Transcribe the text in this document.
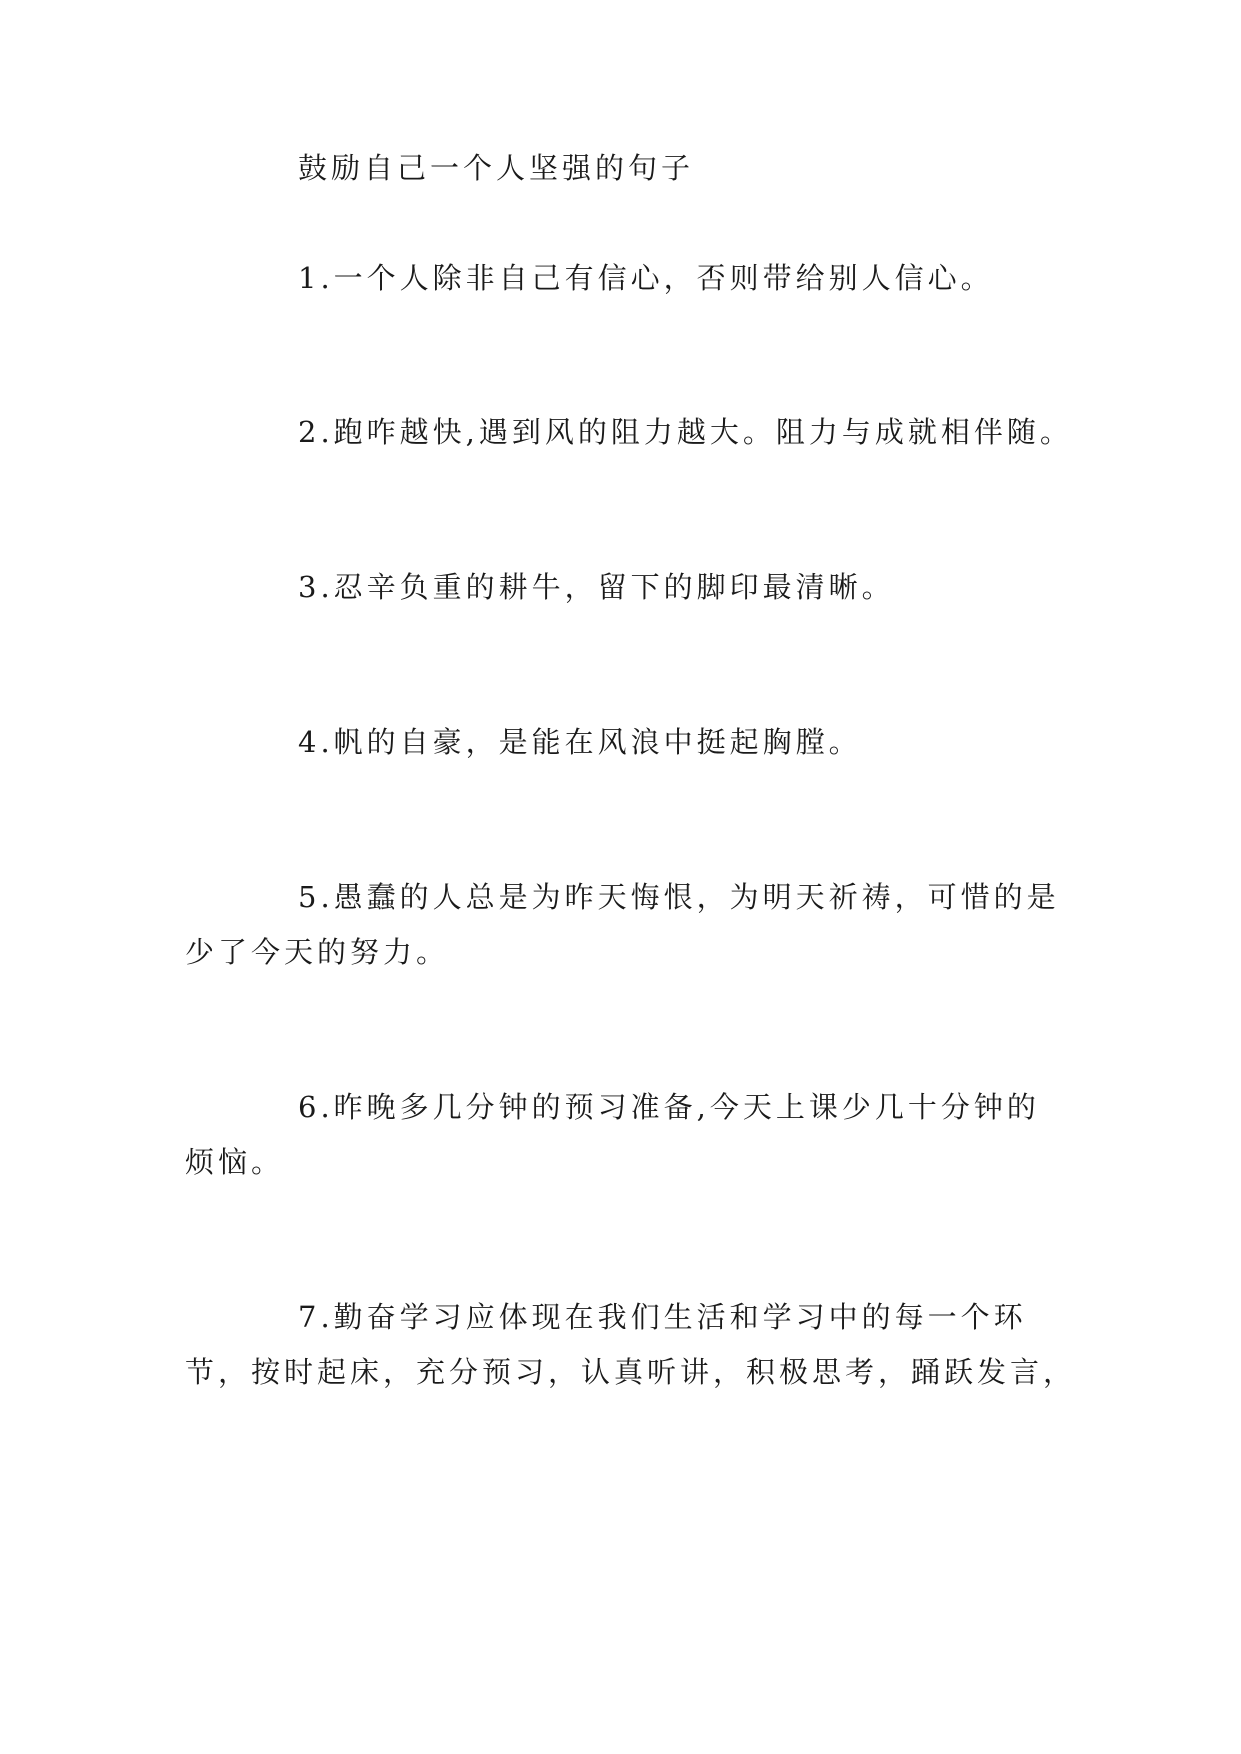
鼓励自己一个人坚强的句子

1.一个人除非自己有信心，否则带给别人信心。

2.跑咋越快,遇到风的阻力越大。阻力与成就相伴随。

3.忍辛负重的耕牛，留下的脚印最清晰。

4.帆的自豪，是能在风浪中挺起胸膛。

5.愚蠢的人总是为昨天悔恨，为明天祈祷，可惜的是

少了今天的努力。

6.昨晚多几分钟的预习准备,今天上课少几十分钟的

烦恼。

7.勤奋学习应体现在我们生活和学习中的每一个环

节，按时起床，充分预习，认真听讲，积极思考，踊跃发言，
